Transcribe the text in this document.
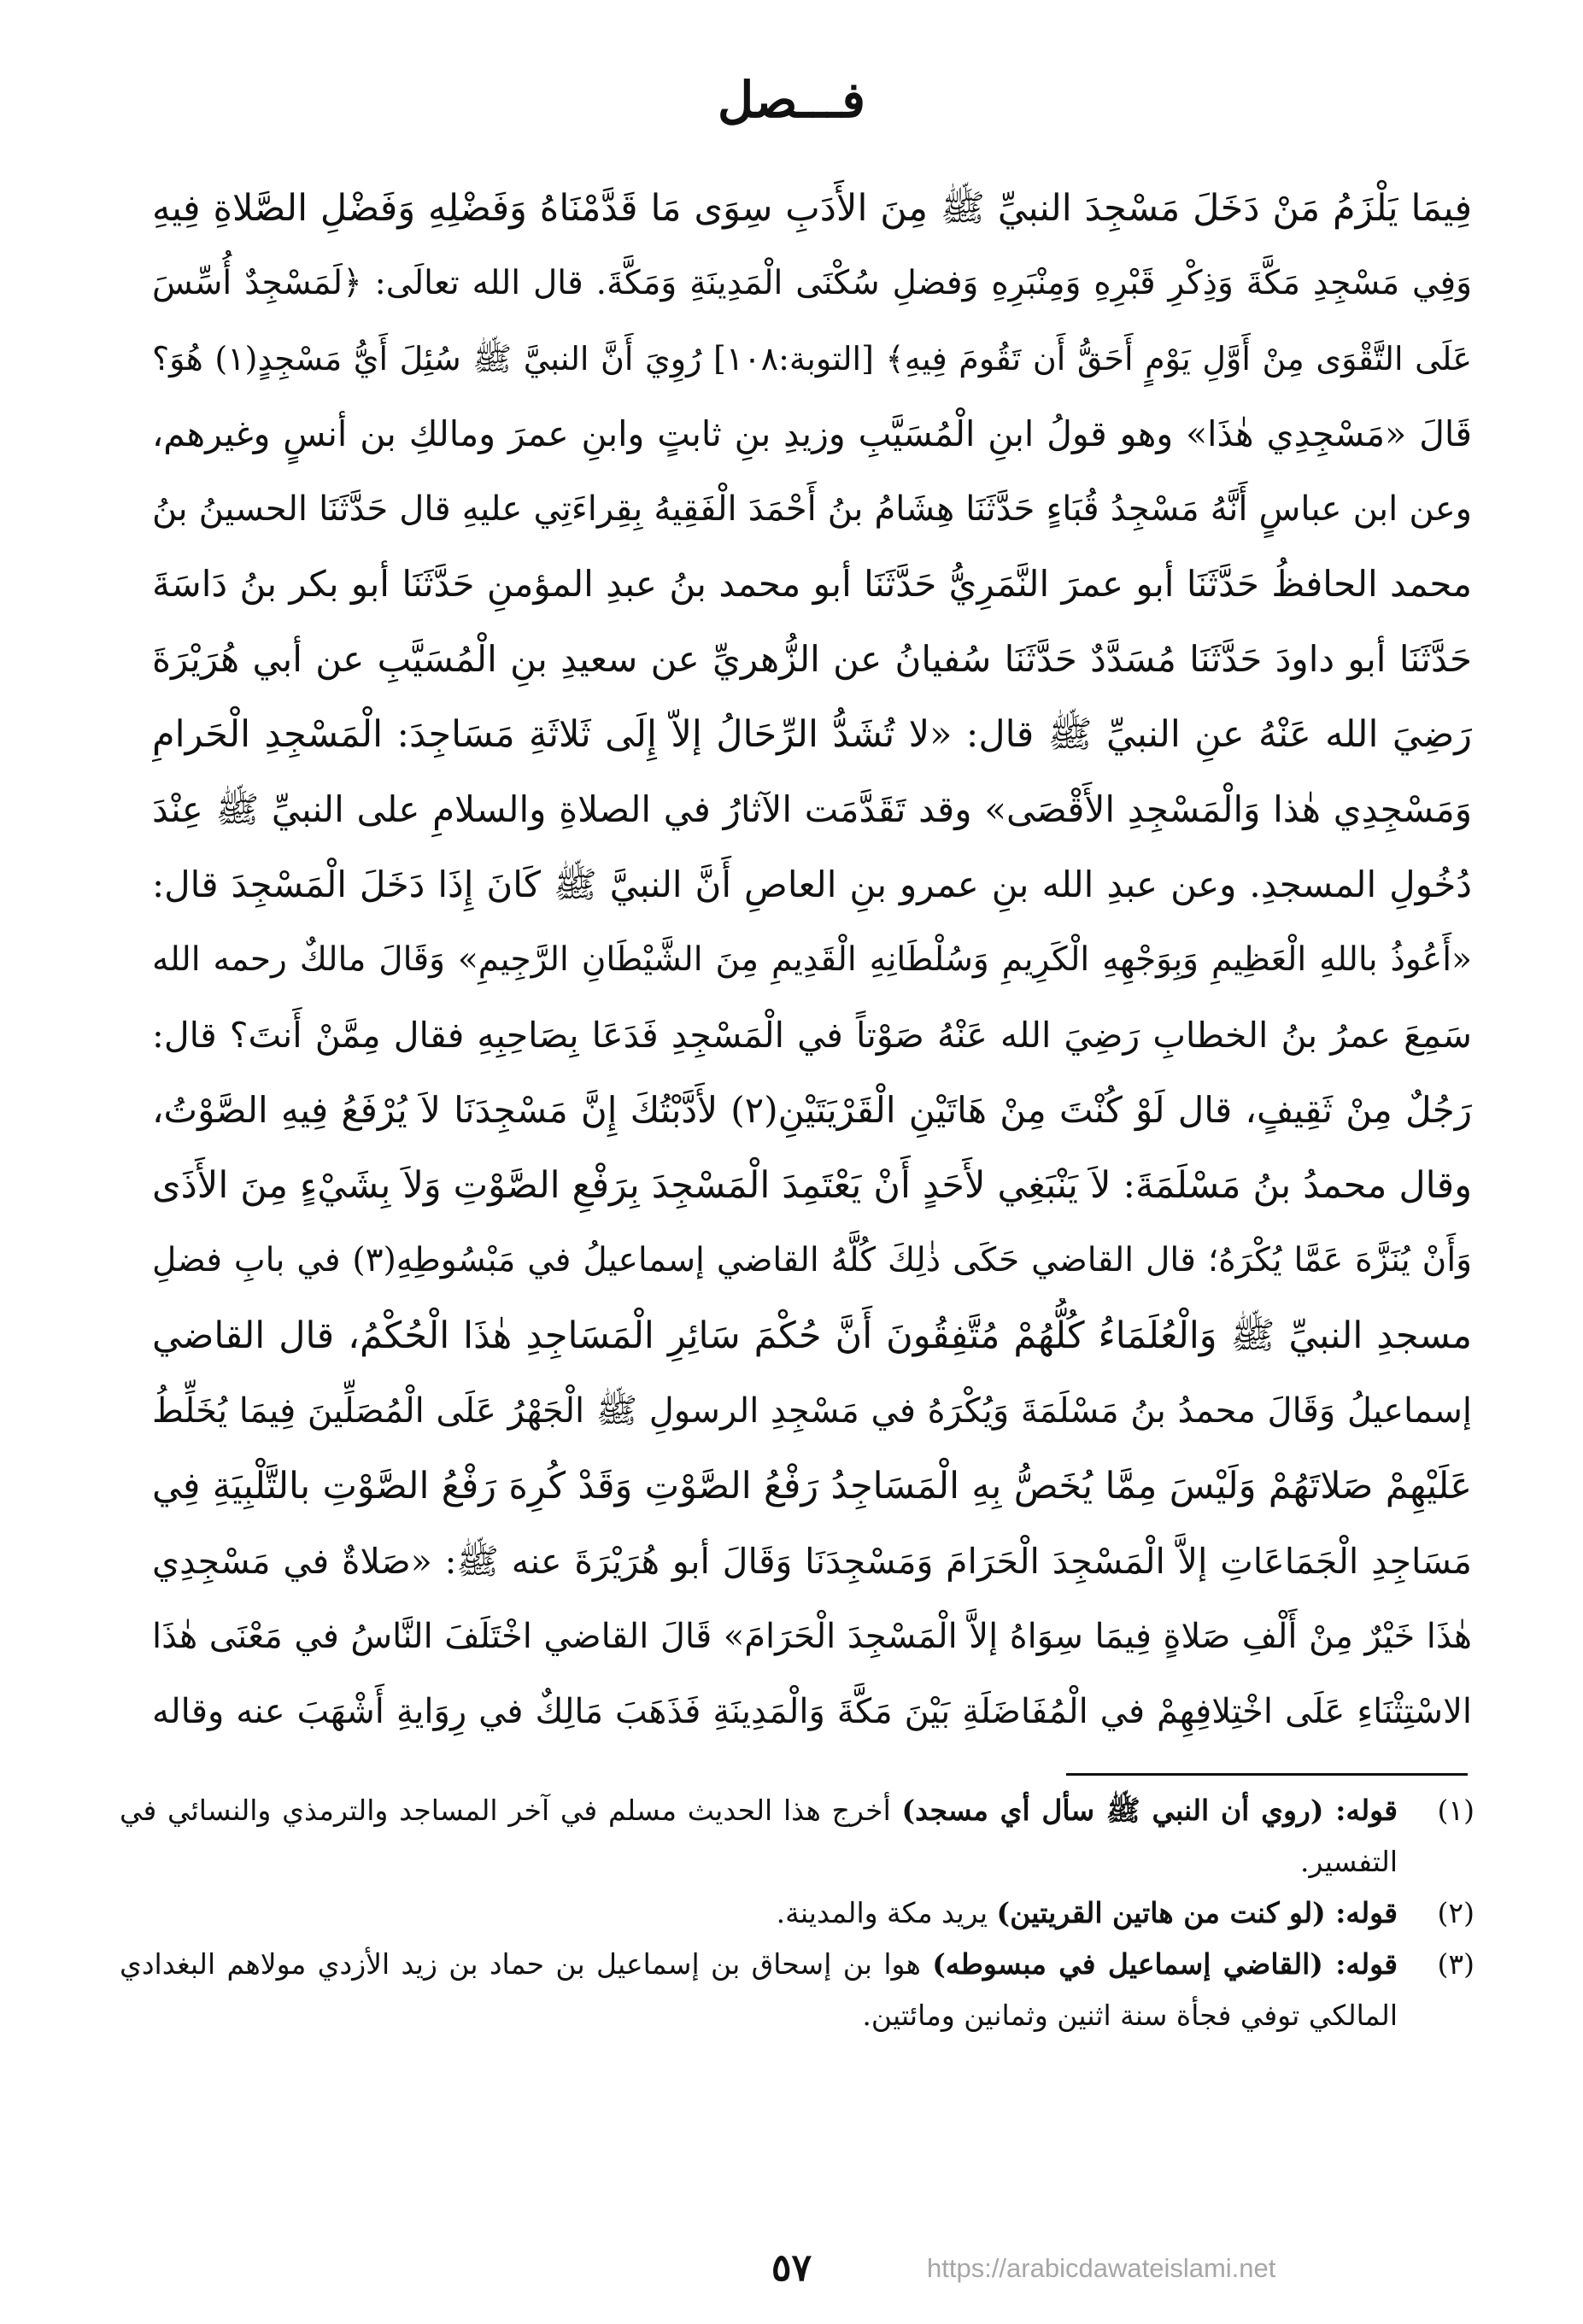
فـــصل
فِيمَا يَلْزَمُ مَنْ دَخَلَ مَسْجِدَ النبيِّ ﷺ مِنَ الأَدَبِ سِوَى مَا قَدَّمْنَاهُ وَفَضْلِهِ وَفَضْلِ الصَّلاةِ فِيهِ
وَفِي مَسْجِدِ مَكَّةَ وَذِكْرِ قَبْرِهِ وَمِنْبَرِهِ وَفضلِ سُكْنَى الْمَدِينَةِ وَمَكَّةَ. قال الله تعالَى: ﴿لَمَسْجِدٌ أُسِّسَ
عَلَى التَّقْوَى مِنْ أَوَّلِ يَوْمٍ أَحَقُّ أَن تَقُومَ فِيهِ﴾ [التوبة:١٠٨] رُوِيَ أَنَّ النبيَّ ﷺ سُئِلَ أَيُّ مَسْجِدٍ(١) هُوَ؟
قَالَ «مَسْجِدِي هٰذَا» وهو قولُ ابنِ الْمُسَيَّبِ وزيدِ بنِ ثابتٍ وابنِ عمرَ ومالكِ بن أنسٍ وغيرهم،
وعن ابن عباسٍ أَنَّهُ مَسْجِدُ قُبَاءٍ حَدَّثَنَا هِشَامُ بنُ أَحْمَدَ الْفَقِيهُ بِقِراءَتِي عليهِ قال حَدَّثَنَا الحسينُ بنُ
محمد الحافظُ حَدَّثَنَا أبو عمرَ النَّمَرِيُّ حَدَّثَنَا أبو محمد بنُ عبدِ المؤمنِ حَدَّثَنَا أبو بكر بنُ دَاسَةَ
حَدَّثَنَا أبو داودَ حَدَّثَنَا مُسَدَّدٌ حَدَّثَنَا سُفيانُ عن الزُّهريِّ عن سعيدِ بنِ الْمُسَيَّبِ عن أبي هُرَيْرَةَ
رَضِيَ الله عَنْهُ عنِ النبيِّ ﷺ قال: «لا تُشَدُّ الرِّحَالُ إلاّ إِلَى ثَلاثَةِ مَسَاجِدَ: الْمَسْجِدِ الْحَرامِ
وَمَسْجِدِي هٰذا وَالْمَسْجِدِ الأَقْصَى» وقد تَقَدَّمَت الآثارُ في الصلاةِ والسلامِ على النبيِّ ﷺ عِنْدَ
دُخُولِ المسجدِ. وعن عبدِ الله بنِ عمرو بنِ العاصِ أَنَّ النبيَّ ﷺ كَانَ إِذَا دَخَلَ الْمَسْجِدَ قال:
«أَعُوذُ باللهِ الْعَظِيمِ وَبِوَجْهِهِ الْكَرِيمِ وَسُلْطَانِهِ الْقَدِيمِ مِنَ الشَّيْطَانِ الرَّجِيمِ» وَقَالَ مالكٌ رحمه الله
سَمِعَ عمرُ بنُ الخطابِ رَضِيَ الله عَنْهُ صَوْتاً في الْمَسْجِدِ فَدَعَا بِصَاحِبِهِ فقال مِمَّنْ أَنتَ؟ قال:
رَجُلٌ مِنْ ثَقِيفٍ، قال لَوْ كُنْتَ مِنْ هَاتَيْنِ الْقَرْيَتَيْنِ(٢) لأَدَّبْتُكَ إِنَّ مَسْجِدَنَا لاَ يُرْفَعُ فِيهِ الصَّوْتُ،
وقال محمدُ بنُ مَسْلَمَةَ: لاَ يَنْبَغِي لأَحَدٍ أَنْ يَعْتَمِدَ الْمَسْجِدَ بِرَفْعِ الصَّوْتِ وَلاَ بِشَيْءٍ مِنَ الأَذَى
وَأَنْ يُنَزَّهَ عَمَّا يُكْرَهُ؛ قال القاضي حَكَى ذٰلِكَ كُلَّهُ القاضي إسماعيلُ في مَبْسُوطِهِ(٣) في بابِ فضلِ
مسجدِ النبيِّ ﷺ وَالْعُلَمَاءُ كُلُّهُمْ مُتَّفِقُونَ أَنَّ حُكْمَ سَائِرِ الْمَسَاجِدِ هٰذَا الْحُكْمُ، قال القاضي
إسماعيلُ وَقَالَ محمدُ بنُ مَسْلَمَةَ وَيُكْرَهُ في مَسْجِدِ الرسولِ ﷺ الْجَهْرُ عَلَى الْمُصَلِّينَ فِيمَا يُخَلِّطُ
عَلَيْهِمْ صَلاتَهُمْ وَلَيْسَ مِمَّا يُخَصُّ بِهِ الْمَسَاجِدُ رَفْعُ الصَّوْتِ وَقَدْ كُرِهَ رَفْعُ الصَّوْتِ بالتَّلْبِيَةِ فِي
مَسَاجِدِ الْجَمَاعَاتِ إلاَّ الْمَسْجِدَ الْحَرَامَ وَمَسْجِدَنَا وَقَالَ أبو هُرَيْرَةَ عنه ﷺ: «صَلاةٌ في مَسْجِدِي
هٰذَا خَيْرٌ مِنْ أَلْفِ صَلاةٍ فِيمَا سِوَاهُ إلاَّ الْمَسْجِدَ الْحَرَامَ» قَالَ القاضي اخْتَلَفَ النَّاسُ في مَعْنَى هٰذَا
الاسْتِثْنَاءِ عَلَى اخْتِلافِهِمْ في الْمُفَاضَلَةِ بَيْنَ مَكَّةَ وَالْمَدِينَةِ فَذَهَبَ مَالِكٌ في رِوَايةِ أَشْهَبَ عنه وقاله
(١)
قوله: (روي أن النبي ﷺ سأل أي مسجد) أخرج هذا الحديث مسلم في آخر المساجد والترمذي والنسائي في التفسير.
(٢)
قوله: (لو كنت من هاتين القريتين) يريد مكة والمدينة.
(٣)
قوله: (القاضي إسماعيل في مبسوطه) هوا بن إسحاق بن إسماعيل بن حماد بن زيد الأزدي مولاهم البغدادي المالكي توفي فجأة سنة اثنين وثمانين ومائتين.
٥٧	https://arabicdawateislami.net
